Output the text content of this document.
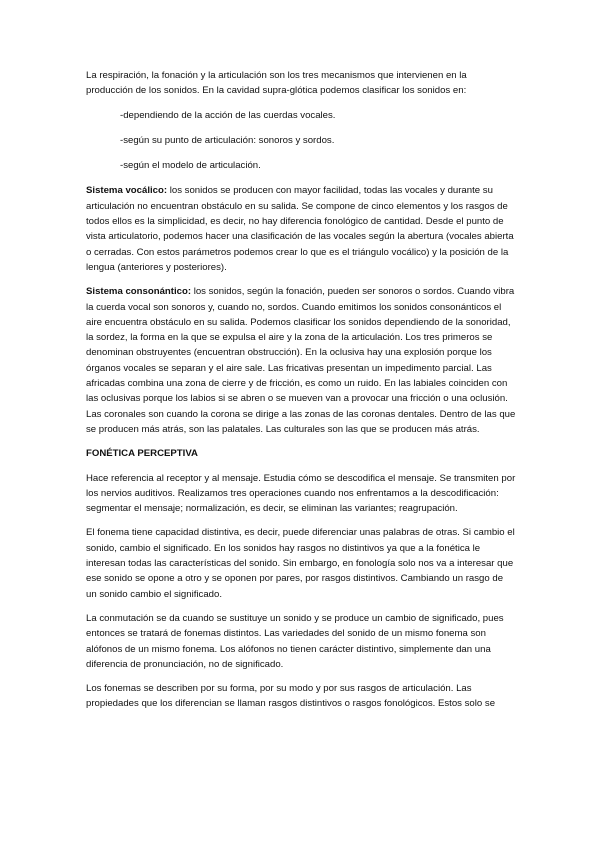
La respiración, la fonación y la articulación son los tres mecanismos que intervienen en la producción de los sonidos. En la cavidad supra-glótica podemos clasificar los sonidos en:

-dependiendo de la acción de las cuerdas vocales.
-según su punto de articulación: sonoros y sordos.
-según el modelo de articulación.

Sistema vocálico: los sonidos se producen con mayor facilidad, todas las vocales y durante su articulación no encuentran obstáculo en su salida. Se compone de cinco elementos y los rasgos de todos ellos es la simplicidad, es decir, no hay diferencia fonológico de cantidad. Desde el punto de vista articulatorio, podemos hacer una clasificación de las vocales según la abertura (vocales abierta o cerradas. Con estos parámetros podemos crear lo que es el triángulo vocálico) y la posición de la lengua (anteriores y posteriores).

Sistema consonántico: los sonidos, según la fonación, pueden ser sonoros o sordos. Cuando vibra la cuerda vocal son sonoros y, cuando no, sordos. Cuando emitimos los sonidos consonánticos el aire encuentra obstáculo en su salida. Podemos clasificar los sonidos dependiendo de la sonoridad, la sordez, la forma en la que se expulsa el aire y la zona de la articulación. Los tres primeros se denominan obstruyentes (encuentran obstrucción). En la oclusiva hay una explosión porque los órganos vocales se separan y el aire sale. Las fricativas presentan un impedimento parcial. Las africadas combina una zona de cierre y de fricción, es como un ruido. En las labiales coinciden con las oclusivas porque los labios si se abren o se mueven van a provocar una fricción o una oclusión. Las coronales son cuando la corona se dirige a las zonas de las coronas dentales. Dentro de las que se producen más atrás, son las palatales. Las culturales son las que se producen más atrás.

FONÉTICA PERCEPTIVA

Hace referencia al receptor y al mensaje. Estudia cómo se descodifica el mensaje. Se transmiten por los nervios auditivos. Realizamos tres operaciones cuando nos enfrentamos a la descodificación: segmentar el mensaje; normalización, es decir, se eliminan las variantes; reagrupación.

El fonema tiene capacidad distintiva, es decir, puede diferenciar unas palabras de otras. Si cambio el sonido, cambio el significado. En los sonidos hay rasgos no distintivos ya que a la fonética le interesan todas las características del sonido. Sin embargo, en fonología solo nos va a interesar que ese sonido se opone a otro y se oponen por pares, por rasgos distintivos. Cambiando un rasgo de un sonido cambio el significado.

La conmutación se da cuando se sustituye un sonido y se produce un cambio de significado, pues entonces se tratará de fonemas distintos. Las variedades del sonido de un mismo fonema son alófonos de un mismo fonema. Los alófonos no tienen carácter distintivo, simplemente dan una diferencia de pronunciación, no de significado.

Los fonemas se describen por su forma, por su modo y por sus rasgos de articulación. Las propiedades que los diferencian se llaman rasgos distintivos o rasgos fonológicos. Estos solo se
